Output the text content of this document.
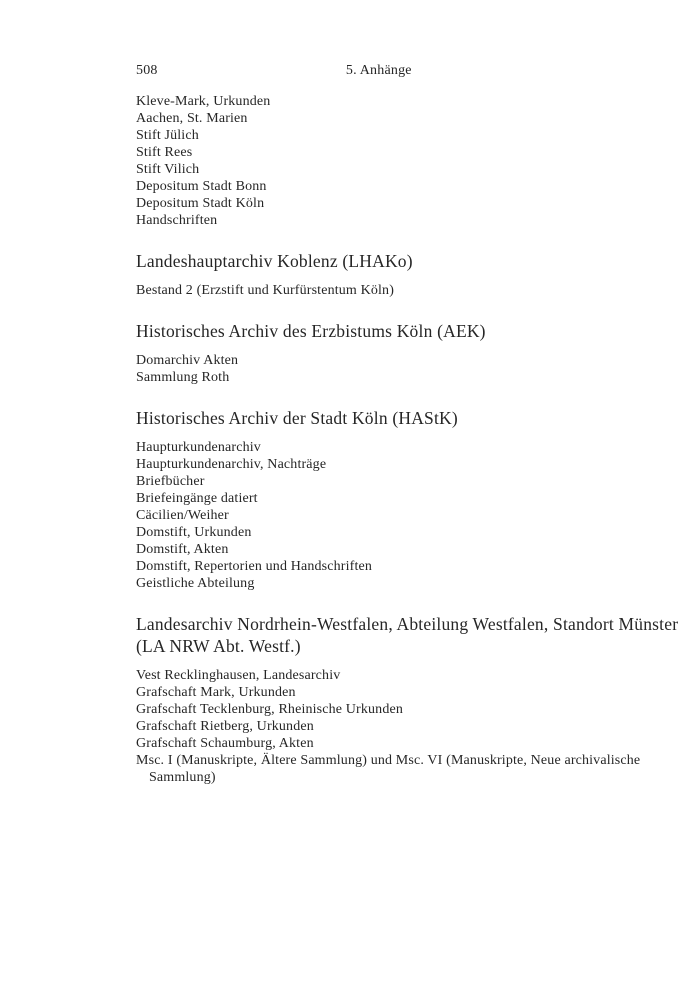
508	5. Anhänge
Kleve-Mark, Urkunden
Aachen, St. Marien
Stift Jülich
Stift Rees
Stift Vilich
Depositum Stadt Bonn
Depositum Stadt Köln
Handschriften
Landeshauptarchiv Koblenz (LHAKo)
Bestand 2 (Erzstift und Kurfürstentum Köln)
Historisches Archiv des Erzbistums Köln (AEK)
Domarchiv Akten
Sammlung Roth
Historisches Archiv der Stadt Köln (HAStK)
Haupturkundenarchiv
Haupturkundenarchiv, Nachträge
Briefbücher
Briefeingänge datiert
Cäcilien/Weiher
Domstift, Urkunden
Domstift, Akten
Domstift, Repertorien und Handschriften
Geistliche Abteilung
Landesarchiv Nordrhein-Westfalen, Abteilung Westfalen, Standort Münster
(LA NRW Abt. Westf.)
Vest Recklinghausen, Landesarchiv
Grafschaft Mark, Urkunden
Grafschaft Tecklenburg, Rheinische Urkunden
Grafschaft Rietberg, Urkunden
Grafschaft Schaumburg, Akten
Msc. I (Manuskripte, Ältere Sammlung) und Msc. VI (Manuskripte, Neue archivalische
Sammlung)
